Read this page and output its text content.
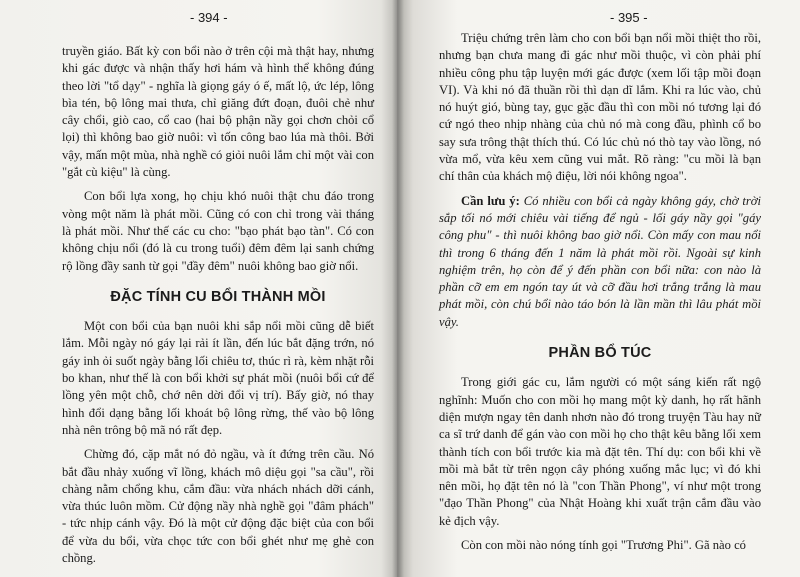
- 394 -

truyền giáo. Bất kỳ con bổi nào ở trên cội mà thật hay, nhưng khi gác được và nhận thấy hơi hám và hình thể không đúng theo lời "tổ dạy" - nghĩa là giọng gáy ó ế, mất lộ, ức lép, lông bìa tén, bộ lông mai thưa, chỉ giăng đứt đoạn, đuôi chẻ như cây chổi, giò cao, cổ cao (hai bộ phận nầy gọi chơn chỏi cổ lọi) thì không bao giờ nuôi: vì tốn công bao lúa mà thôi. Bởi vậy, mấn một mùa, nhà nghề có giỏi nuôi lắm chỉ một vài con "gắt cù kiệu" là cùng.

Con bổi lựa xong, họ chịu khó nuôi thật chu đáo trong vòng một năm là phát mồi. Cũng có con chỉ trong vài tháng là phát mồi. Như thế các cu cho: "bạo phát bạo tàn". Có con không chịu nổi (đó là cu trong tuổi) đêm đêm lại sanh chứng rộ lồng đầy sanh từ gọi "đầy đêm" nuôi không bao giờ nổi.

ĐẶC TÍNH CU BỔI THÀNH MỒI

Một con bổi của bạn nuôi khi sắp nổi mồi cũng dễ biết lắm. Mỗi ngày nó gáy lại rải ít lần, đến lúc bắt đặng trớn, nó gáy inh ỏi suốt ngày bằng lối chiêu tơ, thúc rì rà, kèm nhặt rỗi bo khan, như thế là con bổi khởi sự phát mồi (nuôi bổi cứ để lồng yên một chỗ, chớ nên dời đổi vị trí). Bấy giờ, nó thay hình đổi dạng bằng lối khoát bộ lông rừng, thế vào bộ lông nhà nên trông bộ mã nó rất đẹp.

Chừng đó, cặp mắt nó đỏ ngầu, và ít đứng trên cầu. Nó bắt đầu nhảy xuống vĩ lồng, khách mô diệu gọi "sa cầu", rồi chàng nằm chổng khu, cắm đầu: vừa nhách nhách dỡi cánh, vừa thúc luôn mồm. Cử động nầy nhà nghề gọi "đâm phách" - tức nhịp cánh vậy. Đó là một cử động đặc biệt của con bổi để vừa du bổi, vừa chọc tức con bổi ghét như mẹ ghẻ con chồng.

- 395 -

Triệu chứng trên làm cho con bổi bạn nổi mồi thiệt tho rồi, nhưng bạn chưa mang đi gác như mồi thuộc, vì còn phải phí nhiều công phu tập luyện mới gác được (xem lối tập mồi đoạn VI). Và khi nó đã thuần rồi thì dạn dĩ lắm. Khi ra lúc vào, chủ nó huýt gió, bùng tay, gục gặc đầu thì con mồi nó tương lại đó cứ ngó theo nhịp nhàng của chủ nó mà cong đầu, phình cổ bo say sưa trông thật thích thú. Có lúc chủ nó thò tay vào lồng, nó vừa mổ, vừa kêu xem cũng vui mắt. Rõ ràng: "cu mồi là bạn chí thân của khách mộ điệu, lời nói không ngoa".

Cần lưu ý: Có nhiều con bổi cả ngày không gáy, chờ trời sắp tối nó mới chiêu vài tiếng để ngủ - lối gáy nầy gọi "gáy công phu" - thì nuôi không bao giờ nổi. Còn mấy con mau nổi thì trong 6 tháng đến 1 năm là phát mồi rồi. Ngoài sự kinh nghiệm trên, họ còn để ý đến phần con bổi nữa: con nào là phần cỡ em em ngón tay út và cỡ đầu hơi trắng trắng là mau phát mồi, còn chú bổi nào táo bón là lần mần thì lâu phát mồi vậy.

PHẦN BỔ TÚC

Trong giới gác cu, lắm người có một sáng kiến rất ngộ nghĩnh: Muốn cho con mồi họ mang một kỳ danh, họ rất hãnh diện mượn ngay tên danh nhơn nào đó trong truyện Tàu hay nữ ca sĩ trứ danh để gán vào con mồi họ cho thật kêu bằng lối xem thành tích con bổi trước kia mà đặt tên. Thí dụ: con bổi khi về mồi mà bắt từ trên ngọn cây phóng xuống mắc lục; vì đó khi nên mồi, họ đặt tên nó là "con Thần Phong", ví như một trong "đạo Thần Phong" của Nhật Hoàng khi xuất trận cắm đầu vào kẻ địch vậy.

Còn con mồi nào nóng tính gọi "Trương Phi". Gã nào có
